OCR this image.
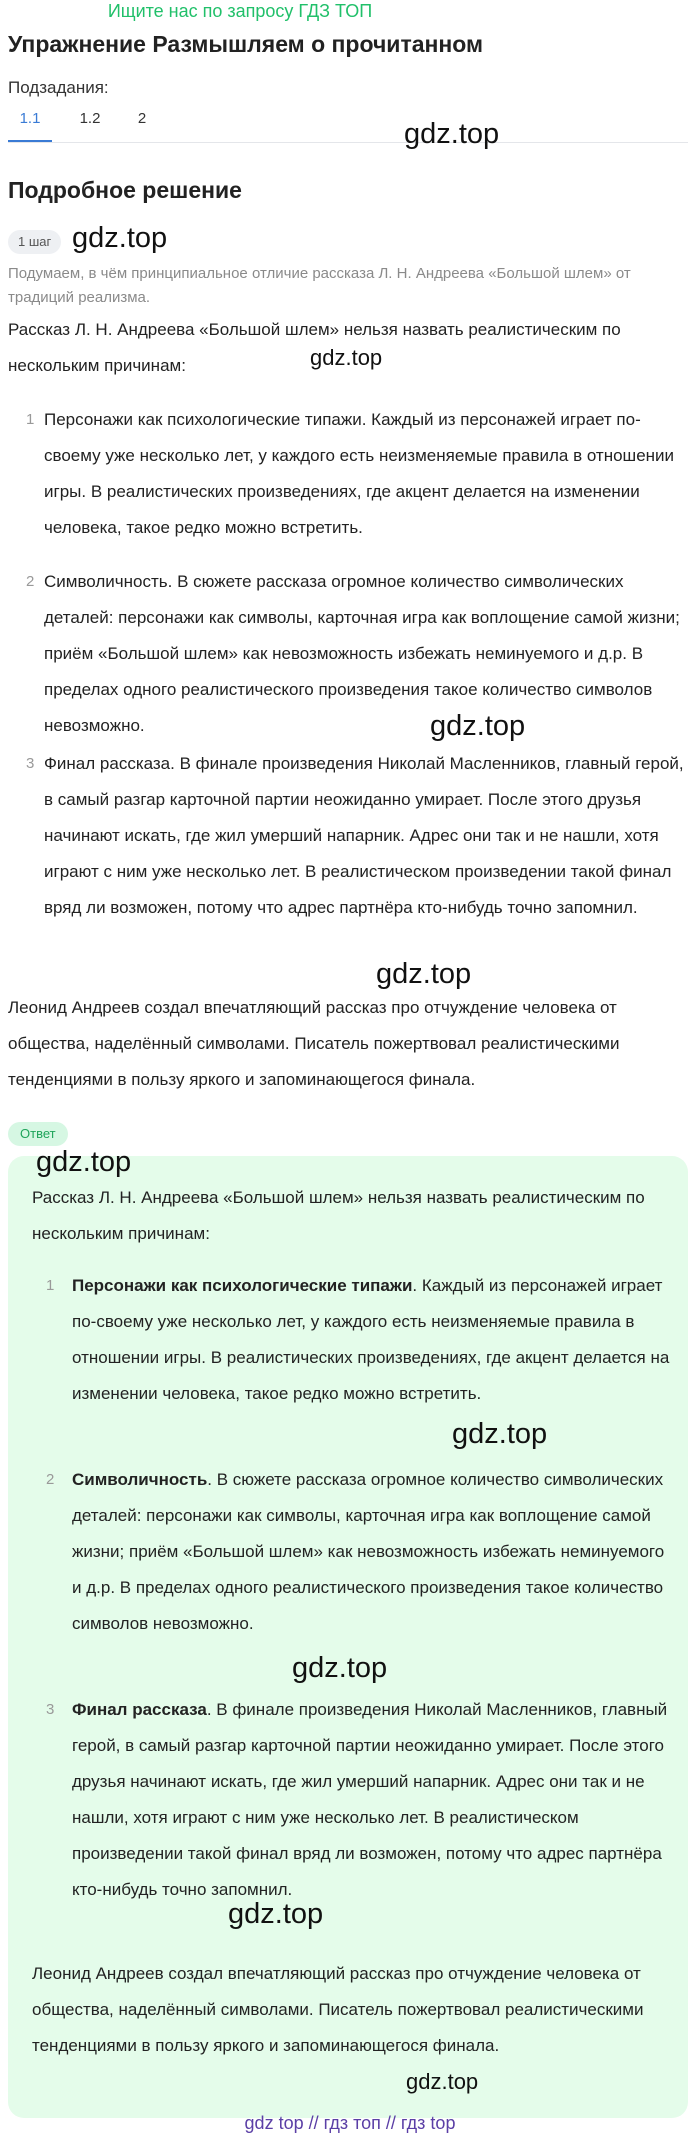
Ищите нас по запросу ГДЗ ТОП
Упражнение Размышляем о прочитанном
Подзадания:
1.1	1.2	2
Подробное решение
1 шаг
Подумаем, в чём принципиальное отличие рассказа Л. Н. Андреева «Большой шлем» от традиций реализма.
Рассказ Л. Н. Андреева «Большой шлем» нельзя назвать реалистическим по нескольким причинам:
1 Персонажи как психологические типажи. Каждый из персонажей играет по-своему уже несколько лет, у каждого есть неизменяемые правила в отношении игры. В реалистических произведениях, где акцент делается на изменении человека, такое редко можно встретить.
2 Символичность. В сюжете рассказа огромное количество символических деталей: персонажи как символы, карточная игра как воплощение самой жизни; приём «Большой шлем» как невозможность избежать неминуемого и д.р. В пределах одного реалистического произведения такое количество символов невозможно.
3 Финал рассказа. В финале произведения Николай Масленников, главный герой, в самый разгар карточной партии неожиданно умирает. После этого друзья начинают искать, где жил умерший напарник. Адрес они так и не нашли, хотя играют с ним уже несколько лет. В реалистическом произведении такой финал вряд ли возможен, потому что адрес партнёра кто-нибудь точно запомнил.
Леонид Андреев создал впечатляющий рассказ про отчуждение человека от общества, наделённый символами. Писатель пожертвовал реалистическими тенденциями в пользу яркого и запоминающегося финала.
Ответ
Рассказ Л. Н. Андреева «Большой шлем» нельзя назвать реалистическим по нескольким причинам:
1 Персонажи как психологические типажи. Каждый из персонажей играет по-своему уже несколько лет, у каждого есть неизменяемые правила в отношении игры. В реалистических произведениях, где акцент делается на изменении человека, такое редко можно встретить.
2 Символичность. В сюжете рассказа огромное количество символических деталей: персонажи как символы, карточная игра как воплощение самой жизни; приём «Большой шлем» как невозможность избежать неминуемого и д.р. В пределах одного реалистического произведения такое количество символов невозможно.
3 Финал рассказа. В финале произведения Николай Масленников, главный герой, в самый разгар карточной партии неожиданно умирает. После этого друзья начинают искать, где жил умерший напарник. Адрес они так и не нашли, хотя играют с ним уже несколько лет. В реалистическом произведении такой финал вряд ли возможен, потому что адрес партнёра кто-нибудь точно запомнил.
Леонид Андреев создал впечатляющий рассказ про отчуждение человека от общества, наделённый символами. Писатель пожертвовал реалистическими тенденциями в пользу яркого и запоминающегося финала.
gdz.top
gdz.top
gdz.top
gdz.top
gdz.top
gdz.top
gdz.top
gdz.top
gdz.top
gdz.top
gdz top // гдз топ // гдз top
